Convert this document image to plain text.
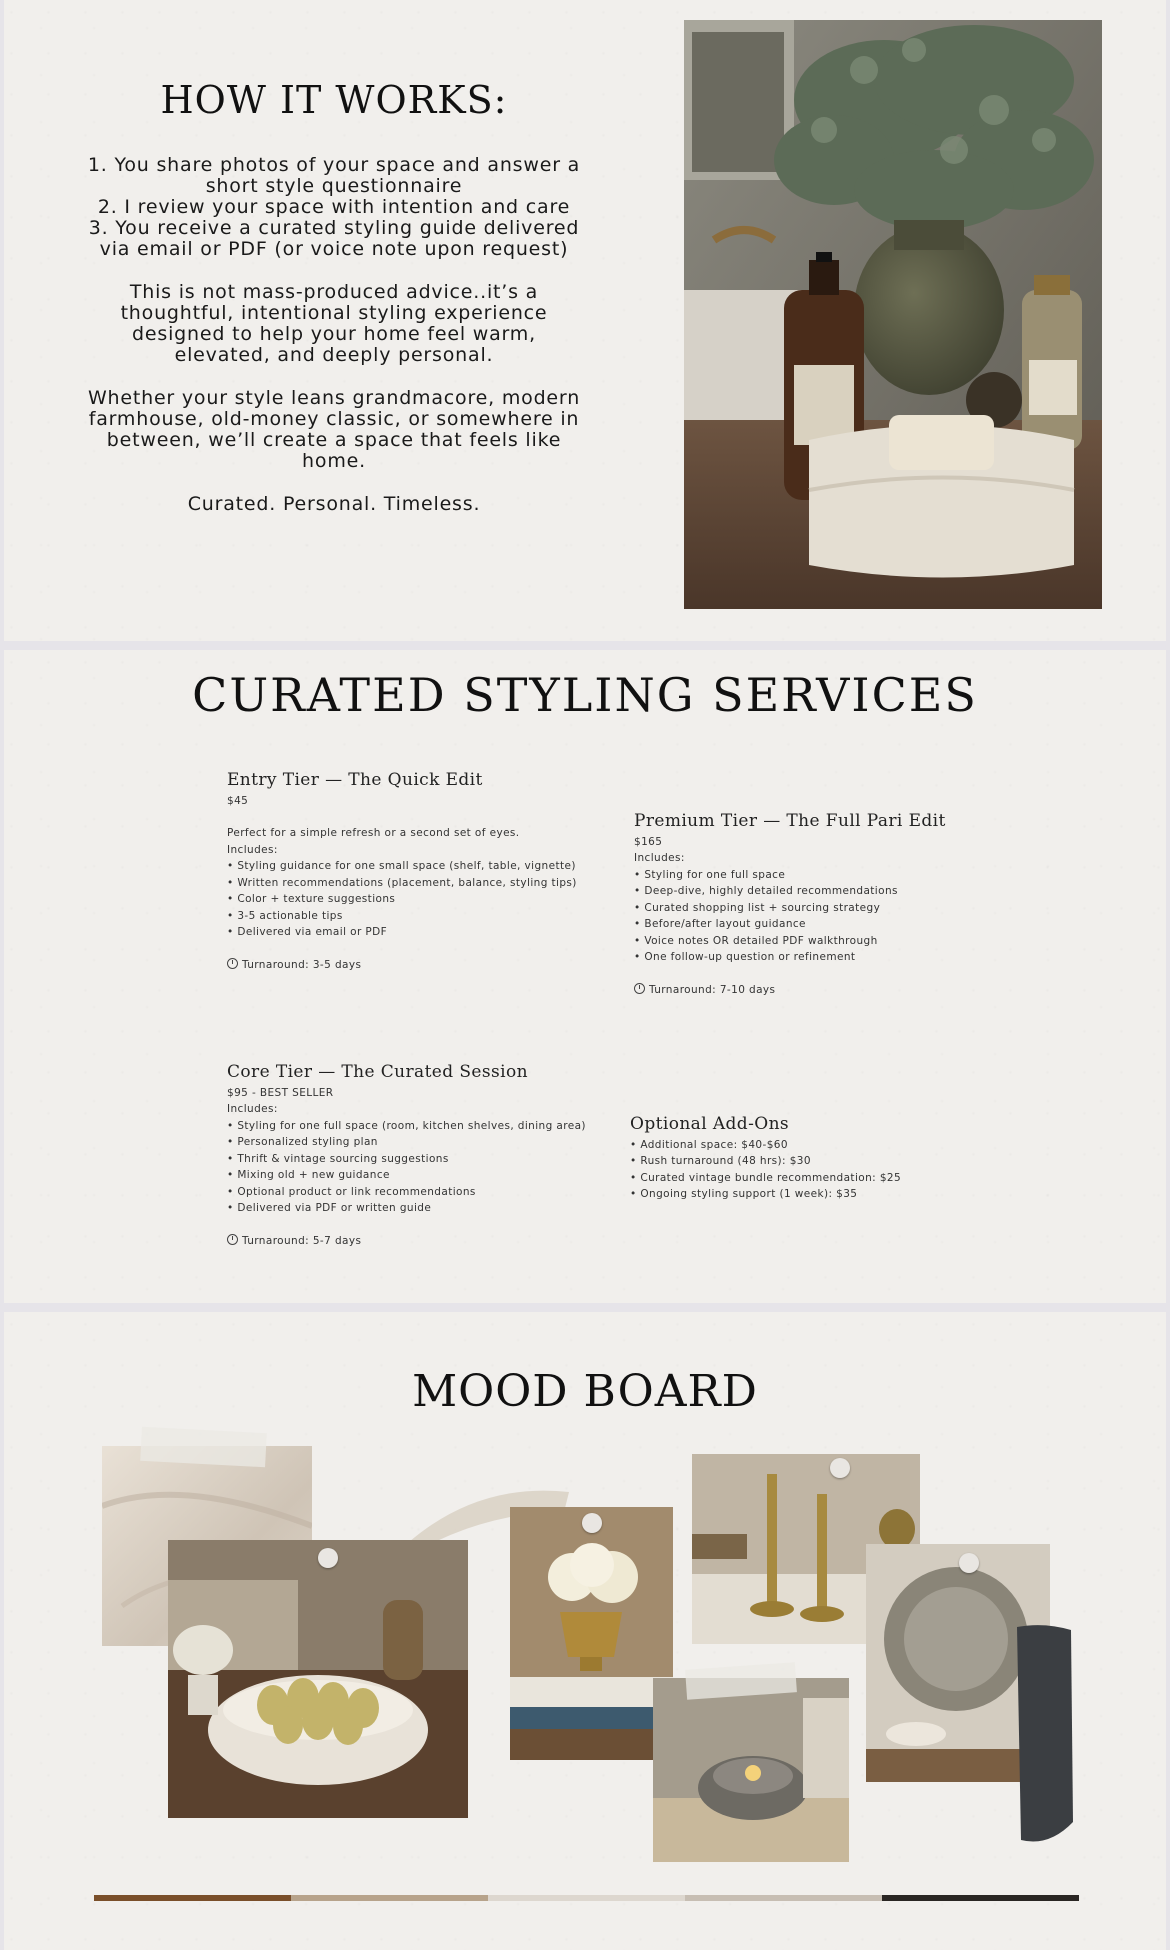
HOW IT WORKS:

1. You share photos of your space and answer a
short style questionnaire
2. I review your space with intention and care
3. You receive a curated styling guide delivered
via email or PDF (or voice note upon request)

This is not mass-produced advice..it’s a
thoughtful, intentional styling experience
designed to help your home feel warm,
elevated, and deeply personal.

Whether your style leans grandmacore, modern
farmhouse, old-money classic, or somewhere in
between, we’ll create a space that feels like
home.

Curated. Personal. Timeless.

CURATED STYLING SERVICES
Entry Tier — The Quick Edit
$45
Perfect for a simple refresh or a second set of eyes.
Includes:
• Styling guidance for one small space (shelf, table, vignette)
• Written recommendations (placement, balance, styling tips)
• Color + texture suggestions
• 3-5 actionable tips
• Delivered via email or PDF
Turnaround: 3-5 days
Premium Tier — The Full Pari Edit
$165
Includes:
• Styling for one full space
• Deep-dive, highly detailed recommendations
• Curated shopping list + sourcing strategy
• Before/after layout guidance
• Voice notes OR detailed PDF walkthrough
• One follow-up question or refinement
Turnaround: 7-10 days
Core Tier — The Curated Session
$95 - BEST SELLER
Includes:
• Styling for one full space (room, kitchen shelves, dining area)
• Personalized styling plan
• Thrift & vintage sourcing suggestions
• Mixing old + new guidance
• Optional product or link recommendations
• Delivered via PDF or written guide
Turnaround: 5-7 days
Optional Add-Ons
• Additional space: $40-$60
• Rush turnaround (48 hrs): $30
• Curated vintage bundle recommendation: $25
• Ongoing styling support (1 week): $35
MOOD BOARD
